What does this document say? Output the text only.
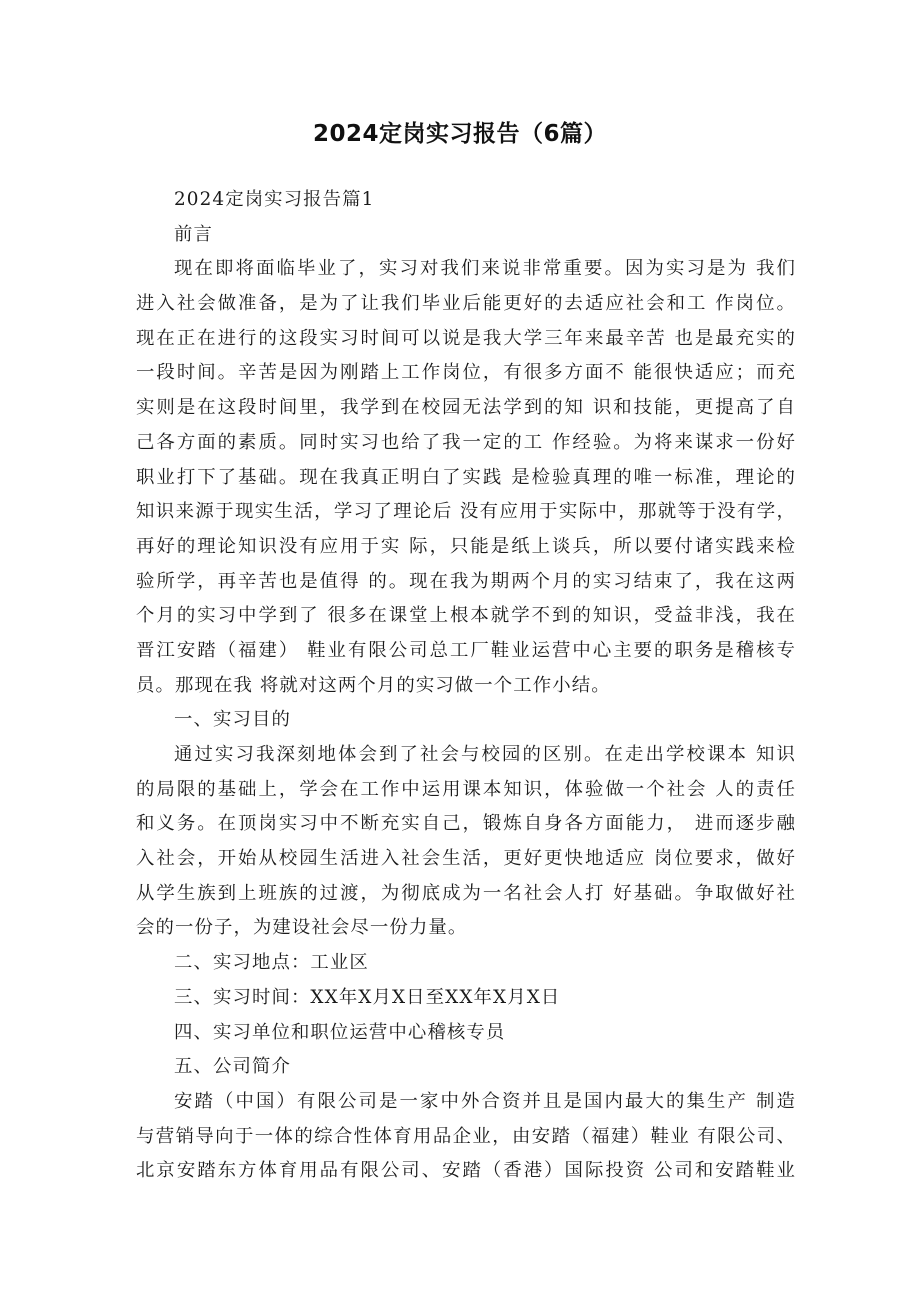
2024定岗实习报告（6篇）
2024定岗实习报告篇1
前言
现在即将面临毕业了，实习对我们来说非常重要。因为实习是为 我们
进入社会做准备，是为了让我们毕业后能更好的去适应社会和工 作岗位。
现在正在进行的这段实习时间可以说是我大学三年来最辛苦 也是最充实的
一段时间。辛苦是因为刚踏上工作岗位，有很多方面不 能很快适应；而充
实则是在这段时间里，我学到在校园无法学到的知 识和技能，更提高了自
己各方面的素质。同时实习也给了我一定的工 作经验。为将来谋求一份好
职业打下了基础。现在我真正明白了实践 是检验真理的唯一标准，理论的
知识来源于现实生活，学习了理论后 没有应用于实际中，那就等于没有学，
再好的理论知识没有应用于实 际，只能是纸上谈兵，所以要付诸实践来检
验所学，再辛苦也是值得 的。现在我为期两个月的实习结束了，我在这两
个月的实习中学到了 很多在课堂上根本就学不到的知识，受益非浅，我在
晋江安踏（福建） 鞋业有限公司总工厂鞋业运营中心主要的职务是稽核专
员。那现在我 将就对这两个月的实习做一个工作小结。
一、实习目的
通过实习我深刻地体会到了社会与校园的区别。在走出学校课本 知识
的局限的基础上，学会在工作中运用课本知识，体验做一个社会 人的责任
和义务。在顶岗实习中不断充实自己，锻炼自身各方面能力， 进而逐步融
入社会，开始从校园生活进入社会生活，更好更快地适应 岗位要求，做好
从学生族到上班族的过渡，为彻底成为一名社会人打 好基础。争取做好社
会的一份子，为建设社会尽一份力量。
二、实习地点：工业区
三、实习时间：XX年X月X日至XX年X月X日
四、实习单位和职位运营中心稽核专员
五、公司简介
安踏（中国）有限公司是一家中外合资并且是国内最大的集生产 制造
与营销导向于一体的综合性体育用品企业，由安踏（福建）鞋业 有限公司、
北京安踏东方体育用品有限公司、安踏（香港）国际投资 公司和安踏鞋业
